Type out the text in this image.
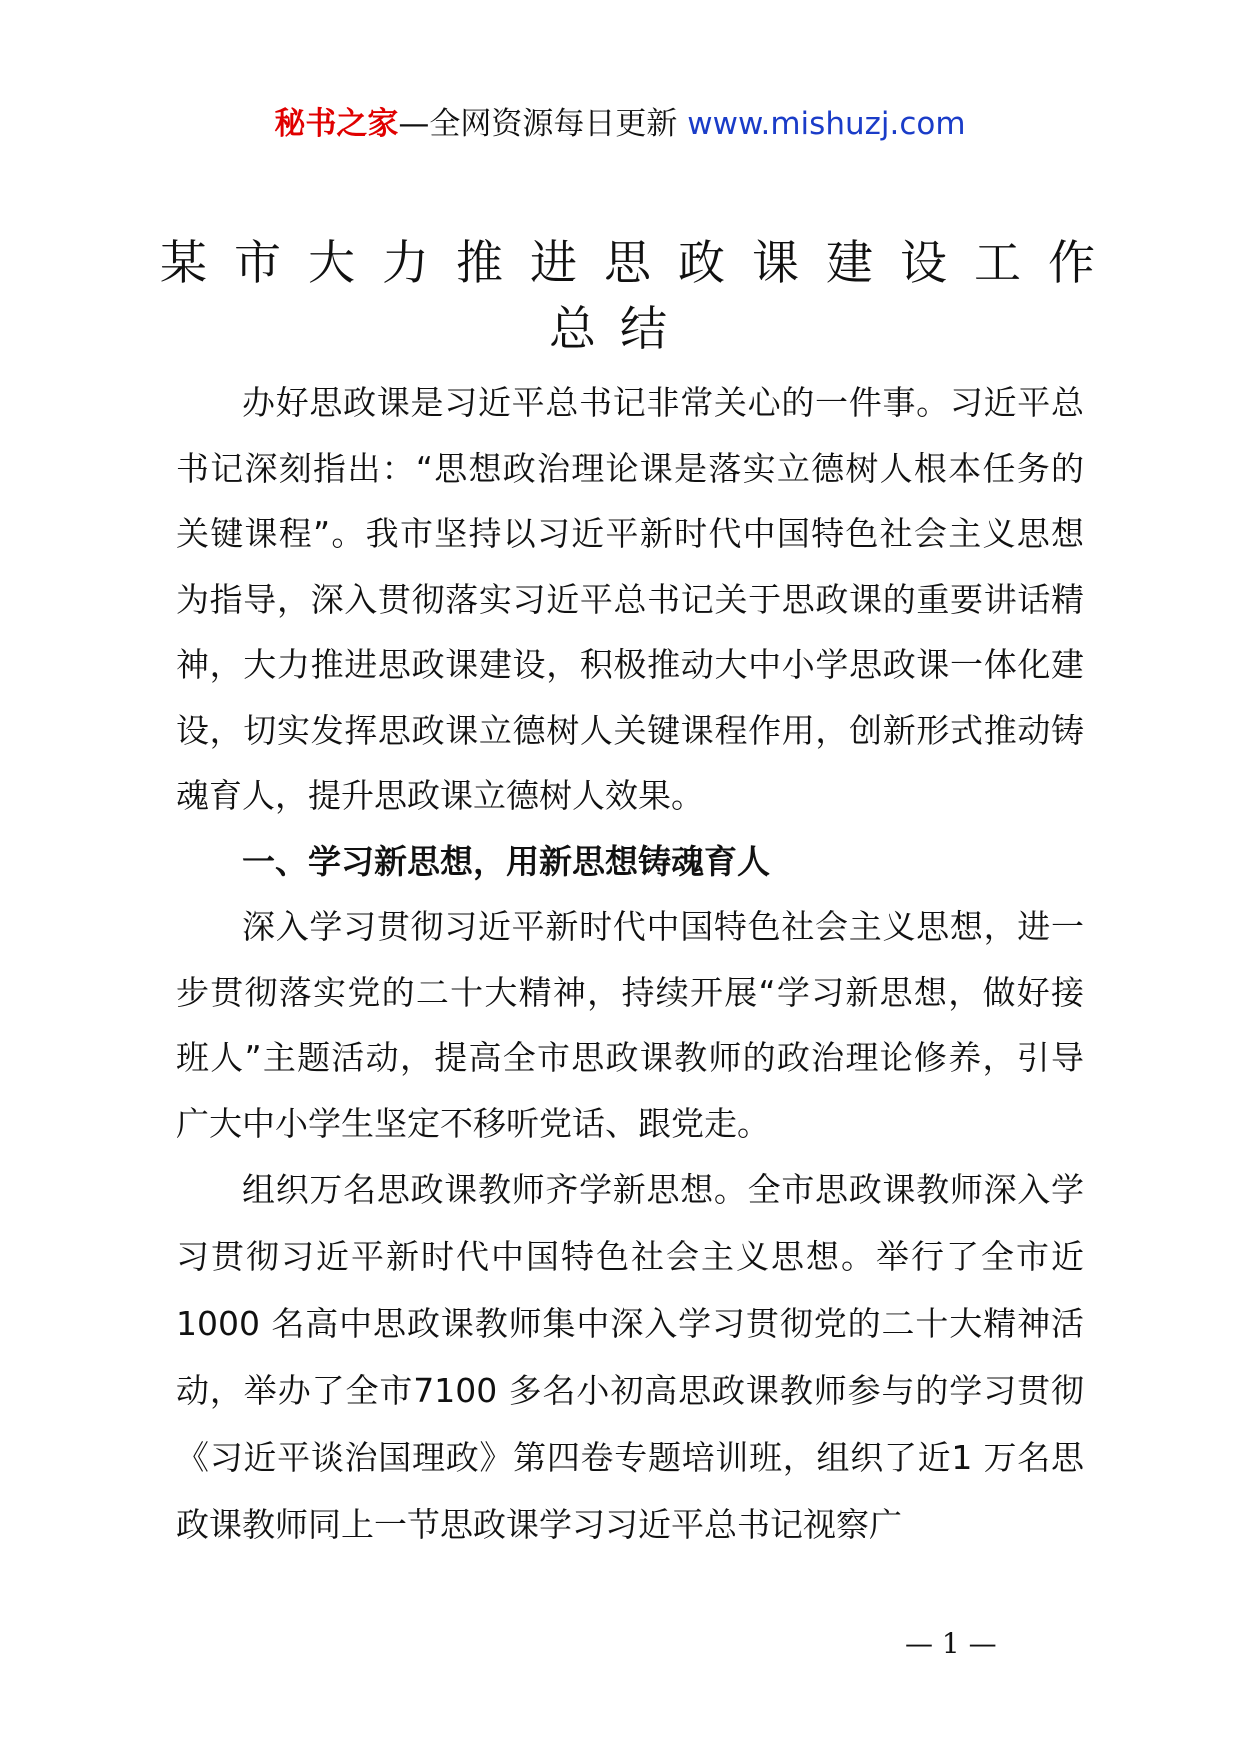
秘书之家—全网资源每日更新 www.mishuzj.com
某市大力推进思政课建设工作
总结

办好思政课是习近平总书记非常关心的一件事。习近平总书记深刻指出：“思想政治理论课是落实立德树人根本任务的关键课程”。我市坚持以习近平新时代中国特色社会主义思想为指导，深入贯彻落实习近平总书记关于思政课的重要讲话精神，大力推进思政课建设，积极推动大中小学思政课一体化建设，切实发挥思政课立德树人关键课程作用，创新形式推动铸魂育人，提升思政课立德树人效果。

一、学习新思想，用新思想铸魂育人

深入学习贯彻习近平新时代中国特色社会主义思想，进一步贯彻落实党的二十大精神，持续开展“学习新思想，做好接班人”主题活动，提高全市思政课教师的政治理论修养，引导广大中小学生坚定不移听党话、跟党走。

组织万名思政课教师齐学新思想。全市思政课教师深入学习贯彻习近平新时代中国特色社会主义思想。举行了全市近1000 名高中思政课教师集中深入学习贯彻党的二十大精神活动，举办了全市7100 多名小初高思政课教师参与的学习贯彻《习近平谈治国理政》第四卷专题培训班，组织了近1 万名思政课教师同上一节思政课学习习近平总书记视察广

— 1 —
